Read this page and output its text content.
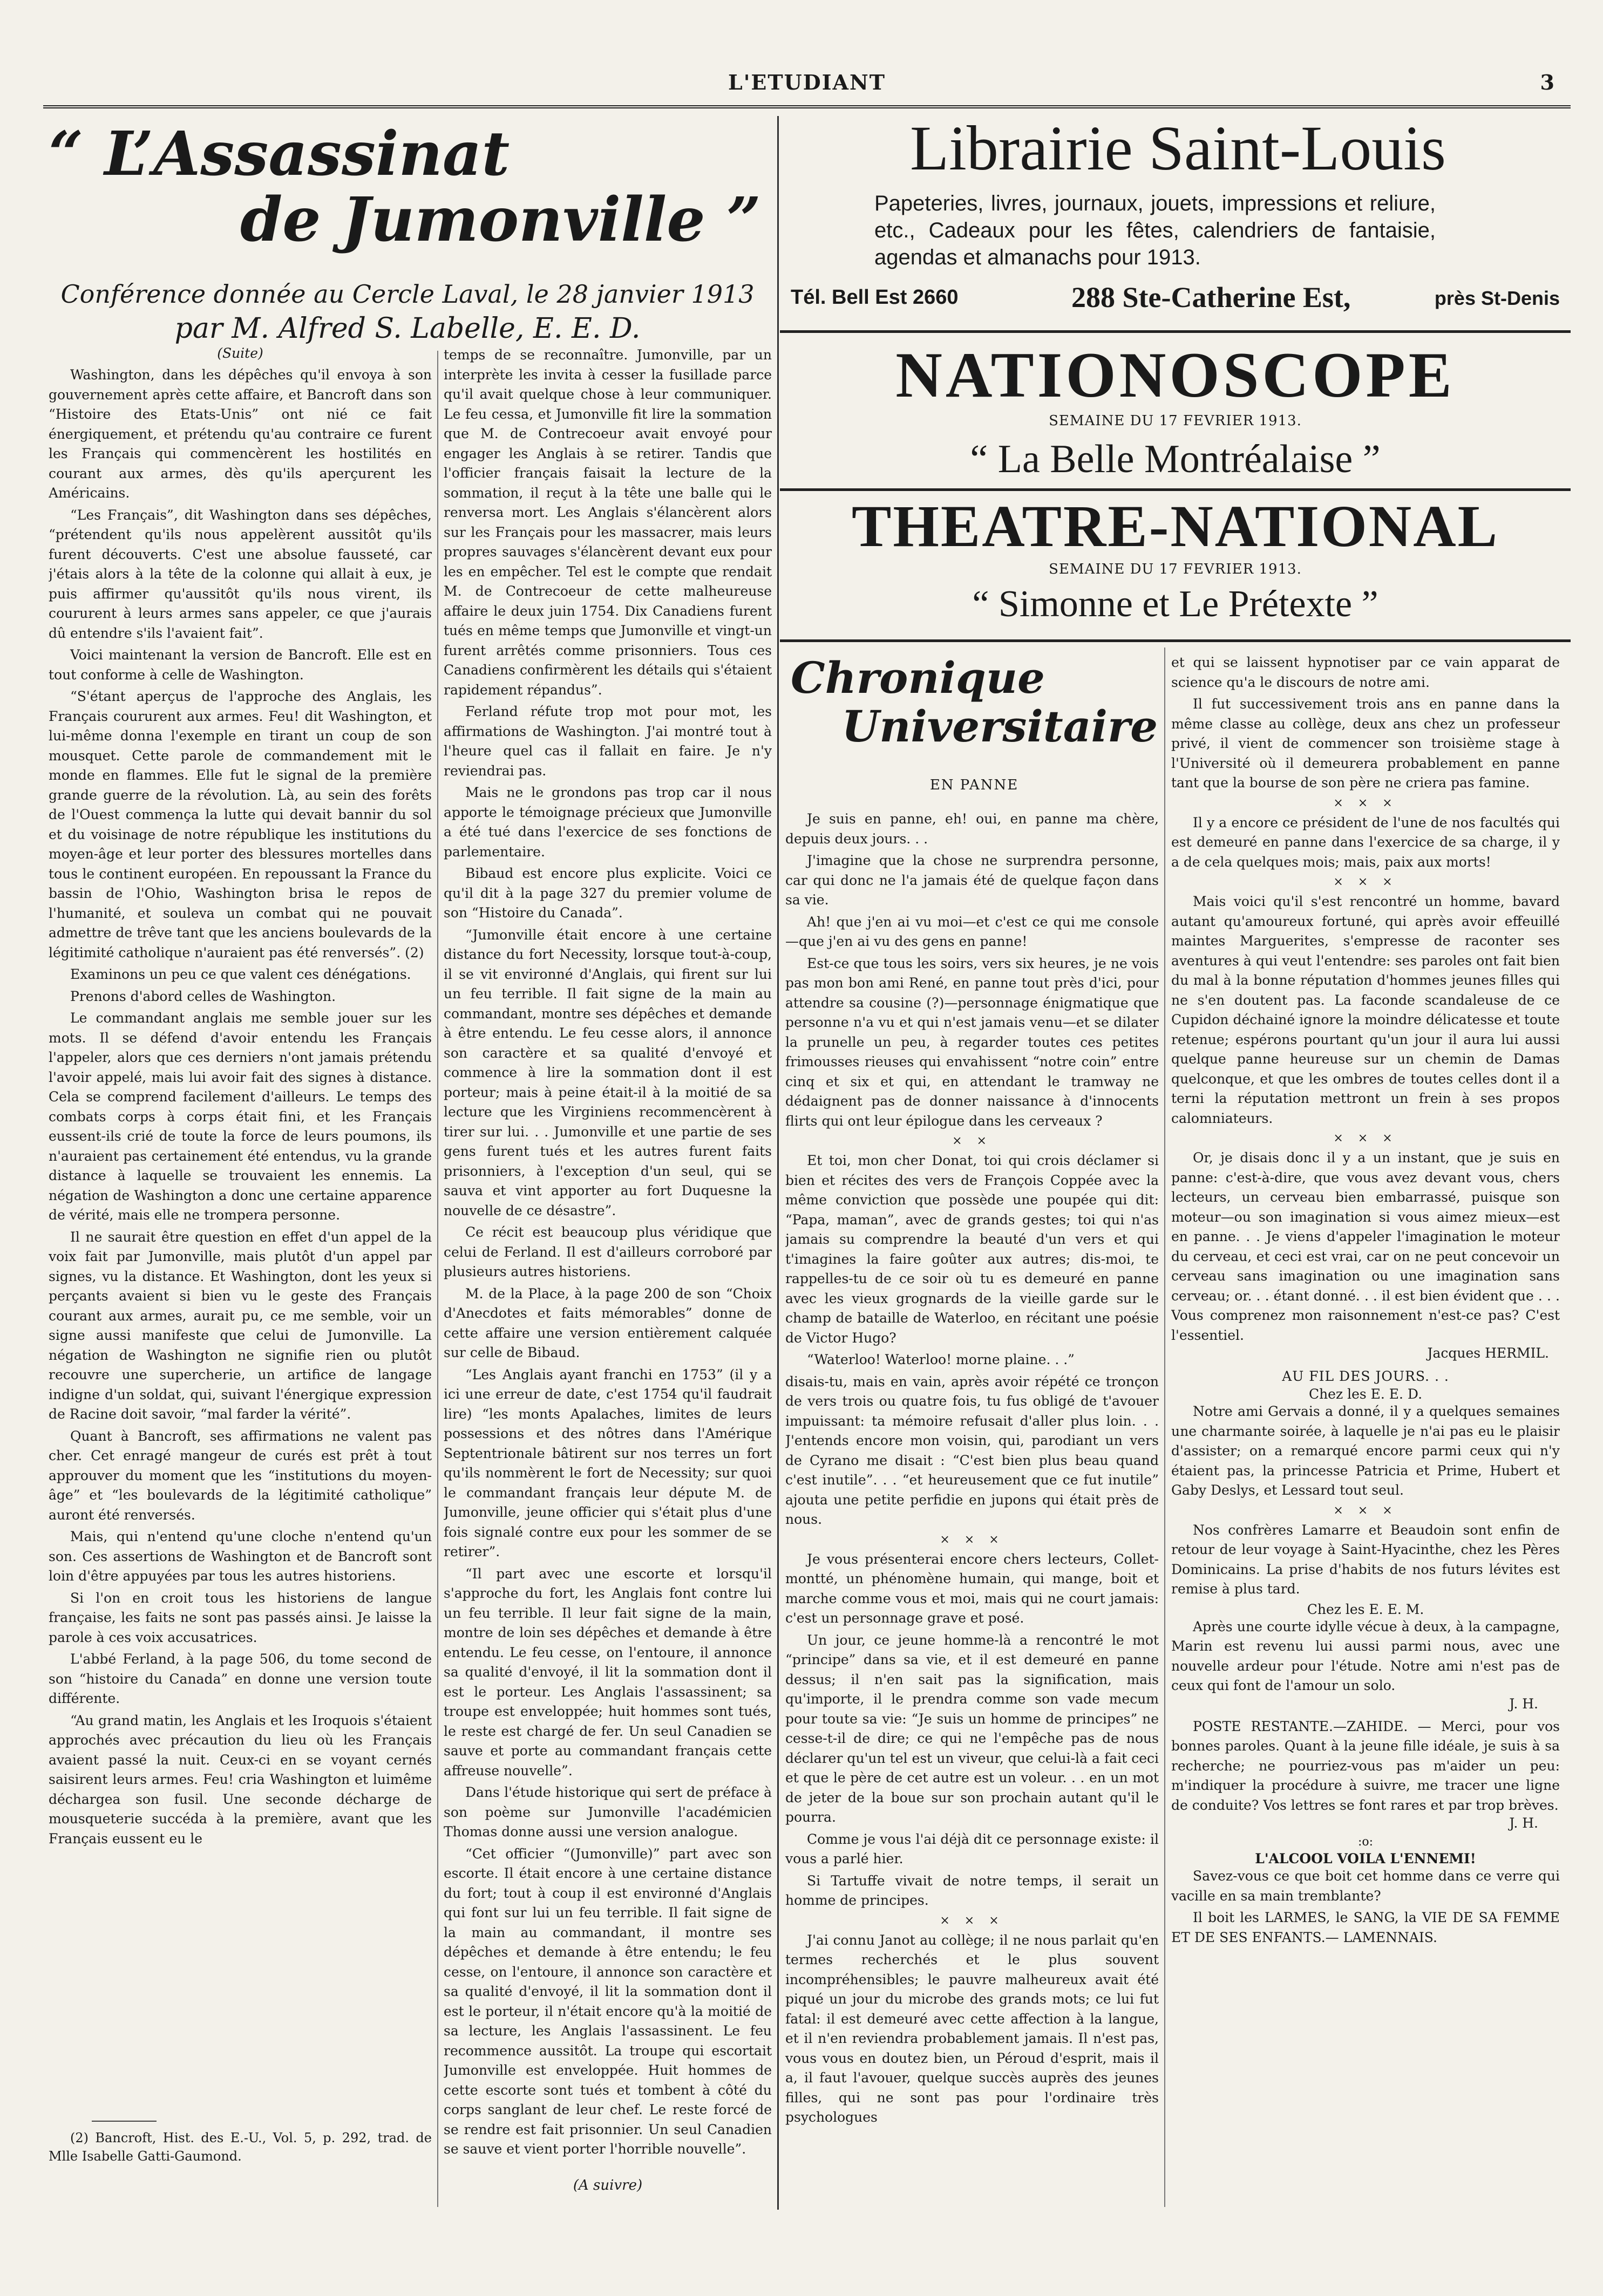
L'ETUDIANT	3
“ L’Assassinat
de Jumonville ”
Conférence donnée au Cercle Laval, le 28 janvier 1913
par M. Alfred S. Labelle, E. E. D.
(Suite)

Washington, dans les dépêches qu'il envoya à son gouvernement après cette affaire, et Bancroft dans son “Histoire des Etats-Unis” ont nié ce fait énergiquement, et prétendu qu'au contraire ce furent les Français qui commencèrent les hostilités en courant aux armes, dès qu'ils aperçurent les Américains.

“Les Français”, dit Washington dans ses dépêches, “prétendent qu'ils nous appelèrent aussitôt qu'ils furent découverts. C'est une absolue fausseté, car j'étais alors à la tête de la colonne qui allait à eux, je puis affirmer qu'aussitôt qu'ils nous virent, ils coururent à leurs armes sans appeler, ce que j'aurais dû entendre s'ils l'avaient fait”.

Voici maintenant la version de Bancroft. Elle est en tout conforme à celle de Washington.

“S'étant aperçus de l'approche des Anglais, les Français coururent aux armes. Feu! dit Washington, et lui-même donna l'exemple en tirant un coup de son mousquet. Cette parole de commandement mit le monde en flammes. Elle fut le signal de la première grande guerre de la révolution. Là, au sein des forêts de l'Ouest commença la lutte qui devait bannir du sol et du voisinage de notre république les institutions du moyen-âge et leur porter des blessures mortelles dans tous le continent européen. En repoussant la France du bassin de l'Ohio, Washington brisa le repos de l'humanité, et souleva un combat qui ne pouvait admettre de trêve tant que les anciens boulevards de la légitimité catholique n'auraient pas été renversés”. (2)

Examinons un peu ce que valent ces dénégations.

Prenons d'abord celles de Washington.

Le commandant anglais me semble jouer sur les mots. Il se défend d'avoir entendu les Français l'appeler, alors que ces derniers n'ont jamais prétendu l'avoir appelé, mais lui avoir fait des signes à distance. Cela se comprend facilement d'ailleurs. Le temps des combats corps à corps était fini, et les Français eussent-ils crié de toute la force de leurs poumons, ils n'auraient pas certainement été entendus, vu la grande distance à laquelle se trouvaient les ennemis. La négation de Washington a donc une certaine apparence de vérité, mais elle ne trompera personne.

Il ne saurait être question en effet d'un appel de la voix fait par Jumonville, mais plutôt d'un appel par signes, vu la distance. Et Washington, dont les yeux si perçants avaient si bien vu le geste des Français courant aux armes, aurait pu, ce me semble, voir un signe aussi manifeste que celui de Jumonville. La négation de Washington ne signifie rien ou plutôt recouvre une supercherie, un artifice de langage indigne d'un soldat, qui, suivant l'énergique expression de Racine doit savoir, “mal farder la vérité”.

Quant à Bancroft, ses affirmations ne valent pas cher. Cet enragé mangeur de curés est prêt à tout approuver du moment que les “institutions du moyen-âge” et “les boulevards de la légitimité catholique” auront été renversés.

Mais, qui n'entend qu'une cloche n'entend qu'un son. Ces assertions de Washington et de Bancroft sont loin d'être appuyées par tous les autres historiens.

Si l'on en croit tous les historiens de langue française, les faits ne sont pas passés ainsi. Je laisse la parole à ces voix accusatrices.

L'abbé Ferland, à la page 506, du tome second de son “histoire du Canada” en donne une version toute différente.

“Au grand matin, les Anglais et les Iroquois s'étaient approchés avec précaution du lieu où les Français avaient passé la nuit. Ceux-ci en se voyant cernés saisirent leurs armes. Feu! cria Washington et luimême déchargea son fusil. Une seconde décharge de mousqueterie succéda à la première, avant que les Français eussent eu le

(2) Bancroft, Hist. des E.-U., Vol. 5, p. 292, trad. de Mlle Isabelle Gatti-Gaumond.

temps de se reconnaître. Jumonville, par un interprète les invita à cesser la fusillade parce qu'il avait quelque chose à leur communiquer. Le feu cessa, et Jumonville fit lire la sommation que M. de Contrecoeur avait envoyé pour engager les Anglais à se retirer. Tandis que l'officier français faisait la lecture de la sommation, il reçut à la tête une balle qui le renversa mort. Les Anglais s'élancèrent alors sur les Français pour les massacrer, mais leurs propres sauvages s'élancèrent devant eux pour les en empêcher. Tel est le compte que rendait M. de Contrecoeur de cette malheureuse affaire le deux juin 1754. Dix Canadiens furent tués en même temps que Jumonville et vingt-un furent arrêtés comme prisonniers. Tous ces Canadiens confirmèrent les détails qui s'étaient rapidement répandus”.

Ferland réfute trop mot pour mot, les affirmations de Washington. J'ai montré tout à l'heure quel cas il fallait en faire. Je n'y reviendrai pas.

Mais ne le grondons pas trop car il nous apporte le témoignage précieux que Jumonville a été tué dans l'exercice de ses fonctions de parlementaire.

Bibaud est encore plus explicite. Voici ce qu'il dit à la page 327 du premier volume de son “Histoire du Canada”.

“Jumonville était encore à une certaine distance du fort Necessity, lorsque tout-à-coup, il se vit environné d'Anglais, qui firent sur lui un feu terrible. Il fait signe de la main au commandant, montre ses dépêches et demande à être entendu. Le feu cesse alors, il annonce son caractère et sa qualité d'envoyé et commence à lire la sommation dont il est porteur; mais à peine était-il à la moitié de sa lecture que les Virginiens recommencèrent à tirer sur lui. . . Jumonville et une partie de ses gens furent tués et les autres furent faits prisonniers, à l'exception d'un seul, qui se sauva et vint apporter au fort Duquesne la nouvelle de ce désastre”.

Ce récit est beaucoup plus véridique que celui de Ferland. Il est d'ailleurs corroboré par plusieurs autres historiens.

M. de la Place, à la page 200 de son “Choix d'Anecdotes et faits mémorables” donne de cette affaire une version entièrement calquée sur celle de Bibaud.

“Les Anglais ayant franchi en 1753” (il y a ici une erreur de date, c'est 1754 qu'il faudrait lire) “les monts Apalaches, limites de leurs possessions et des nôtres dans l'Amérique Septentrionale bâtirent sur nos terres un fort qu'ils nommèrent le fort de Necessity; sur quoi le commandant français leur députe M. de Jumonville, jeune officier qui s'était plus d'une fois signalé contre eux pour les sommer de se retirer”.

“Il part avec une escorte et lorsqu'il s'approche du fort, les Anglais font contre lui un feu terrible. Il leur fait signe de la main, montre de loin ses dépêches et demande à être entendu. Le feu cesse, on l'entoure, il annonce sa qualité d'envoyé, il lit la sommation dont il est le porteur. Les Anglais l'assassinent; sa troupe est enveloppée; huit hommes sont tués, le reste est chargé de fer. Un seul Canadien se sauve et porte au commandant français cette affreuse nouvelle”.

Dans l'étude historique qui sert de préface à son poème sur Jumonville l'académicien Thomas donne aussi une version analogue.

“Cet officier “(Jumonville)” part avec son escorte. Il était encore à une certaine distance du fort; tout à coup il est environné d'Anglais qui font sur lui un feu terrible. Il fait signe de la main au commandant, il montre ses dépêches et demande à être entendu; le feu cesse, on l'entoure, il annonce son caractère et sa qualité d'envoyé, il lit la sommation dont il est le porteur, il n'était encore qu'à la moitié de sa lecture, les Anglais l'assassinent. Le feu recommence aussitôt. La troupe qui escortait Jumonville est enveloppée. Huit hommes de cette escorte sont tués et tombent à côté du corps sanglant de leur chef. Le reste forcé de se rendre est fait prisonnier. Un seul Canadien se sauve et vient porter l'horrible nouvelle”.

(A suivre)
Librairie Saint-Louis
Papeteries, livres, journaux, jouets, impressions et reliure, etc., Cadeaux pour les fêtes, calendriers de fantaisie, agendas et almanachs pour 1913.
Tél. Bell Est 2660	288 Ste-Catherine Est,	près St-Denis
NATIONOSCOPE
SEMAINE DU 17 FEVRIER 1913.
“ La Belle Montréalaise ”
THEATRE-NATIONAL
SEMAINE DU 17 FEVRIER 1913.
“ Simonne et Le Prétexte ”
Chronique
Universitaire
EN PANNE

Je suis en panne, eh! oui, en panne ma chère, depuis deux jours. . .

J'imagine que la chose ne surprendra personne, car qui donc ne l'a jamais été de quelque façon dans sa vie.

Ah! que j'en ai vu moi—et c'est ce qui me console—que j'en ai vu des gens en panne!

Est-ce que tous les soirs, vers six heures, je ne vois pas mon bon ami René, en panne tout près d'ici, pour attendre sa cousine (?)—personnage énigmatique que personne n'a vu et qui n'est jamais venu—et se dilater la prunelle un peu, à regarder toutes ces petites frimousses rieuses qui envahissent “notre coin” entre cinq et six et qui, en attendant le tramway ne dédaignent pas de donner naissance à d'innocents flirts qui ont leur épilogue dans les cerveaux ?

× ×

Et toi, mon cher Donat, toi qui crois déclamer si bien et récites des vers de François Coppée avec la même conviction que possède une poupée qui dit: “Papa, maman”, avec de grands gestes; toi qui n'as jamais su comprendre la beauté d'un vers et qui t'imagines la faire goûter aux autres; dis-moi, te rappelles-tu de ce soir où tu es demeuré en panne avec les vieux grognards de la vieille garde sur le champ de bataille de Waterloo, en récitant une poésie de Victor Hugo?

“Waterloo! Waterloo! morne plaine. . .”

disais-tu, mais en vain, après avoir répété ce tronçon de vers trois ou quatre fois, tu fus obligé de t'avouer impuissant: ta mémoire refusait d'aller plus loin. . . J'entends encore mon voisin, qui, parodiant un vers de Cyrano me disait : “C'est bien plus beau quand c'est inutile”. . . “et heureusement que ce fut inutile” ajouta une petite perfidie en jupons qui était près de nous.

× × ×

Je vous présenterai encore chers lecteurs, Collet-montté, un phénomène humain, qui mange, boit et marche comme vous et moi, mais qui ne court jamais: c'est un personnage grave et posé.

Un jour, ce jeune homme-là a rencontré le mot “principe” dans sa vie, et il est demeuré en panne dessus; il n'en sait pas la signification, mais qu'importe, il le prendra comme son vade mecum pour toute sa vie: “Je suis un homme de principes” ne cesse-t-il de dire; ce qui ne l'empêche pas de nous déclarer qu'un tel est un viveur, que celui-là a fait ceci et que le père de cet autre est un voleur. . . en un mot de jeter de la boue sur son prochain autant qu'il le pourra.

Comme je vous l'ai déjà dit ce personnage existe: il vous a parlé hier.

Si Tartuffe vivait de notre temps, il serait un homme de principes.

× × ×

J'ai connu Janot au collège; il ne nous parlait qu'en termes recherchés et le plus souvent incompréhensibles; le pauvre malheureux avait été piqué un jour du microbe des grands mots; ce lui fut fatal: il est demeuré avec cette affection à la langue, et il n'en reviendra probablement jamais. Il n'est pas, vous vous en doutez bien, un Péroud d'esprit, mais il a, il faut l'avouer, quelque succès auprès des jeunes filles, qui ne sont pas pour l'ordinaire très psychologues

et qui se laissent hypnotiser par ce vain apparat de science qu'a le discours de notre ami.

Il fut successivement trois ans en panne dans la même classe au collège, deux ans chez un professeur privé, il vient de commencer son troisième stage à l'Université où il demeurera probablement en panne tant que la bourse de son père ne criera pas famine.

× × ×

Il y a encore ce président de l'une de nos facultés qui est demeuré en panne dans l'exercice de sa charge, il y a de cela quelques mois; mais, paix aux morts!

× × ×

Mais voici qu'il s'est rencontré un homme, bavard autant qu'amoureux fortuné, qui après avoir effeuillé maintes Marguerites, s'empresse de raconter ses aventures à qui veut l'entendre: ses paroles ont fait bien du mal à la bonne réputation d'hommes jeunes filles qui ne s'en doutent pas. La faconde scandaleuse de ce Cupidon déchainé ignore la moindre délicatesse et toute retenue; espérons pourtant qu'un jour il aura lui aussi quelque panne heureuse sur un chemin de Damas quelconque, et que les ombres de toutes celles dont il a terni la réputation mettront un frein à ses propos calomniateurs.

× × ×

Or, je disais donc il y a un instant, que je suis en panne: c'est-à-dire, que vous avez devant vous, chers lecteurs, un cerveau bien embarrassé, puisque son moteur—ou son imagination si vous aimez mieux—est en panne. . . Je viens d'appeler l'imagination le moteur du cerveau, et ceci est vrai, car on ne peut concevoir un cerveau sans imagination ou une imagination sans cerveau; or. . . étant donné. . . il est bien évident que . . . Vous comprenez mon raisonnement n'est-ce pas? C'est l'essentiel.

Jacques HERMIL.
AU FIL DES JOURS. . .
Chez les E. E. D.

Notre ami Gervais a donné, il y a quelques semaines une charmante soirée, à laquelle je n'ai pas eu le plaisir d'assister; on a remarqué encore parmi ceux qui n'y étaient pas, la princesse Patricia et Prime, Hubert et Gaby Deslys, et Lessard tout seul.

× × ×

Nos confrères Lamarre et Beaudoin sont enfin de retour de leur voyage à Saint-Hyacinthe, chez les Pères Dominicains. La prise d'habits de nos futurs lévites est remise à plus tard.

Chez les E. E. M.

Après une courte idylle vécue à deux, à la campagne, Marin est revenu lui aussi parmi nous, avec une nouvelle ardeur pour l'étude. Notre ami n'est pas de ceux qui font de l'amour un solo.

J. H.

POSTE RESTANTE.—ZAHIDE. — Merci, pour vos bonnes paroles. Quant à la jeune fille idéale, je suis à sa recherche; ne pourriez-vous pas m'aider un peu: m'indiquer la procédure à suivre, me tracer une ligne de conduite? Vos lettres se font rares et par trop brèves.

J. H.
:o:
L'ALCOOL VOILA L'ENNEMI!

Savez-vous ce que boit cet homme dans ce verre qui vacille en sa main tremblante?

Il boit les LARMES, le SANG, la VIE DE SA FEMME ET DE SES ENFANTS.— LAMENNAIS.
